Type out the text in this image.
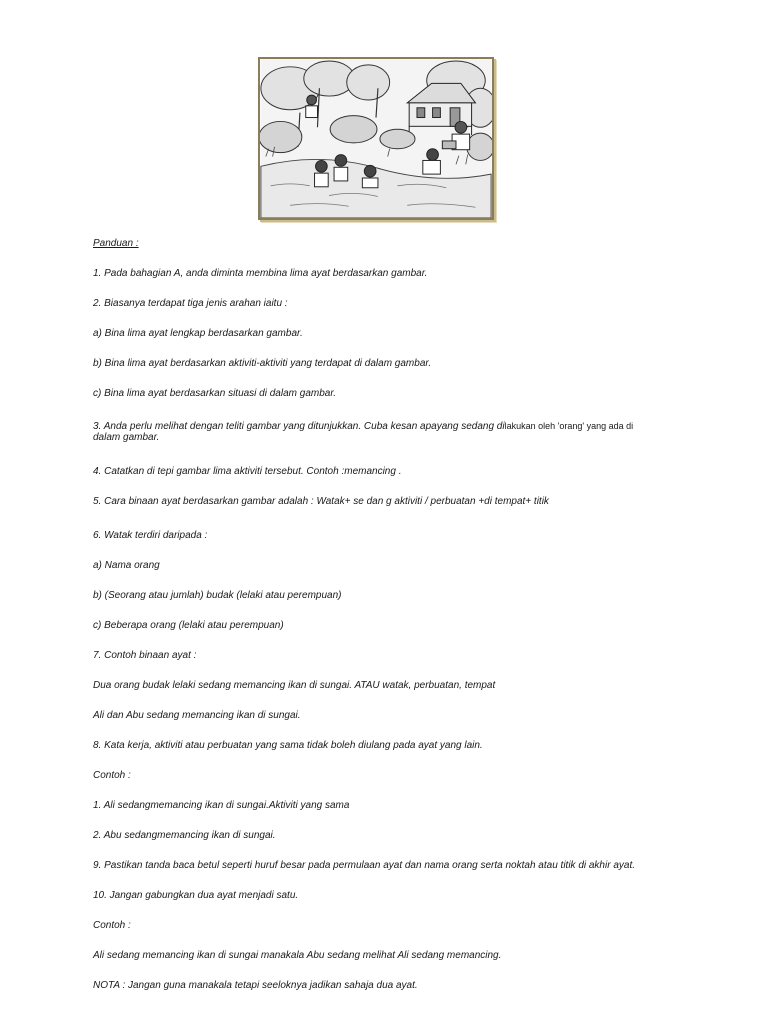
Panduan :
1. Pada bahagian A, anda diminta membina lima ayat berdasarkan gambar.
2. Biasanya terdapat tiga jenis arahan iaitu :
a) Bina lima ayat lengkap berdasarkan gambar.
b) Bina lima ayat berdasarkan aktiviti-aktiviti yang terdapat di dalam gambar.
c) Bina lima ayat berdasarkan situasi di dalam gambar.
3. Anda perlu melihat dengan teliti gambar yang ditunjukkan. Cuba kesan apayang sedang dilakukan oleh 'orang' yang ada di
dalam gambar.
4. Catatkan di tepi gambar lima aktiviti tersebut. Contoh :memancing .
5. Cara binaan ayat berdasarkan gambar adalah : Watak+ se dan g aktiviti / perbuatan +di tempat+ titik
6. Watak terdiri daripada :
a) Nama orang
b) (Seorang atau jumlah) budak (lelaki atau perempuan)
c) Beberapa orang (lelaki atau perempuan)
7. Contoh binaan ayat :
Dua orang budak lelaki sedang memancing ikan di sungai. ATAU watak, perbuatan, tempat
Ali dan Abu sedang memancing ikan di sungai.
8. Kata kerja, aktiviti atau perbuatan yang sama tidak boleh diulang pada ayat yang lain.
Contoh :
1. Ali sedangmemancing ikan di sungai.Aktiviti yang sama
2. Abu sedangmemancing ikan di sungai.
9. Pastikan tanda baca betul seperti huruf besar pada permulaan ayat dan nama orang serta noktah atau titik di akhir ayat.
10. Jangan gabungkan dua ayat menjadi satu.
Contoh :
Ali sedang memancing ikan di sungai manakala Abu sedang melihat Ali sedang memancing.
NOTA : Jangan guna manakala tetapi seeloknya jadikan sahaja dua ayat.
